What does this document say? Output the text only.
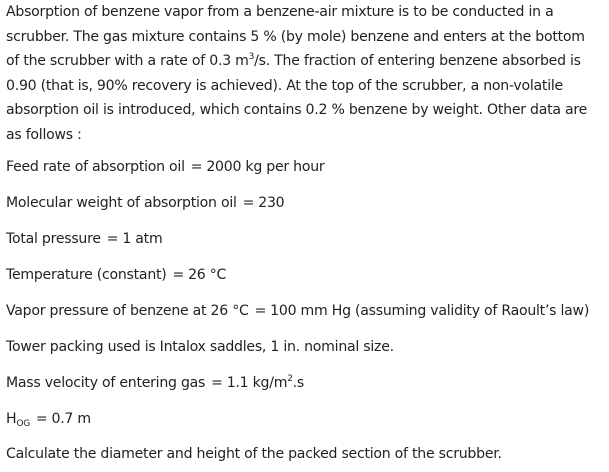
Absorption of benzene vapor from a benzene-air mixture is to be conducted in a

scrubber. The gas mixture contains 5 % (by mole) benzene and enters at the bottom

of the scrubber with a rate of 0.3 $m^3/s$. The fraction of entering benzene absorbed is

0.90 (that is, 90% recovery is achieved). At the top of the scrubber, a non-volatile

absorption oil is introduced, which contains 0.2 % benzene by weight. Other data are

as follows :

Feed rate of absorption oil = 2000 kg per hour

Molecular weight of absorption oil = 230

Total pressure = 1 atm

Temperature (constant) = 26 °C

Vapor pressure of benzene at 26 °C = 100 mm Hg (assuming validity of Raoult’s law)

Tower packing used is Intalox saddles, 1 in. nominal size.

Mass velocity of entering gas = 1.1 $kg/m^2.s$

$H_{OG} = 0.7$ m

Calculate the diameter and height of the packed section of the scrubber.
